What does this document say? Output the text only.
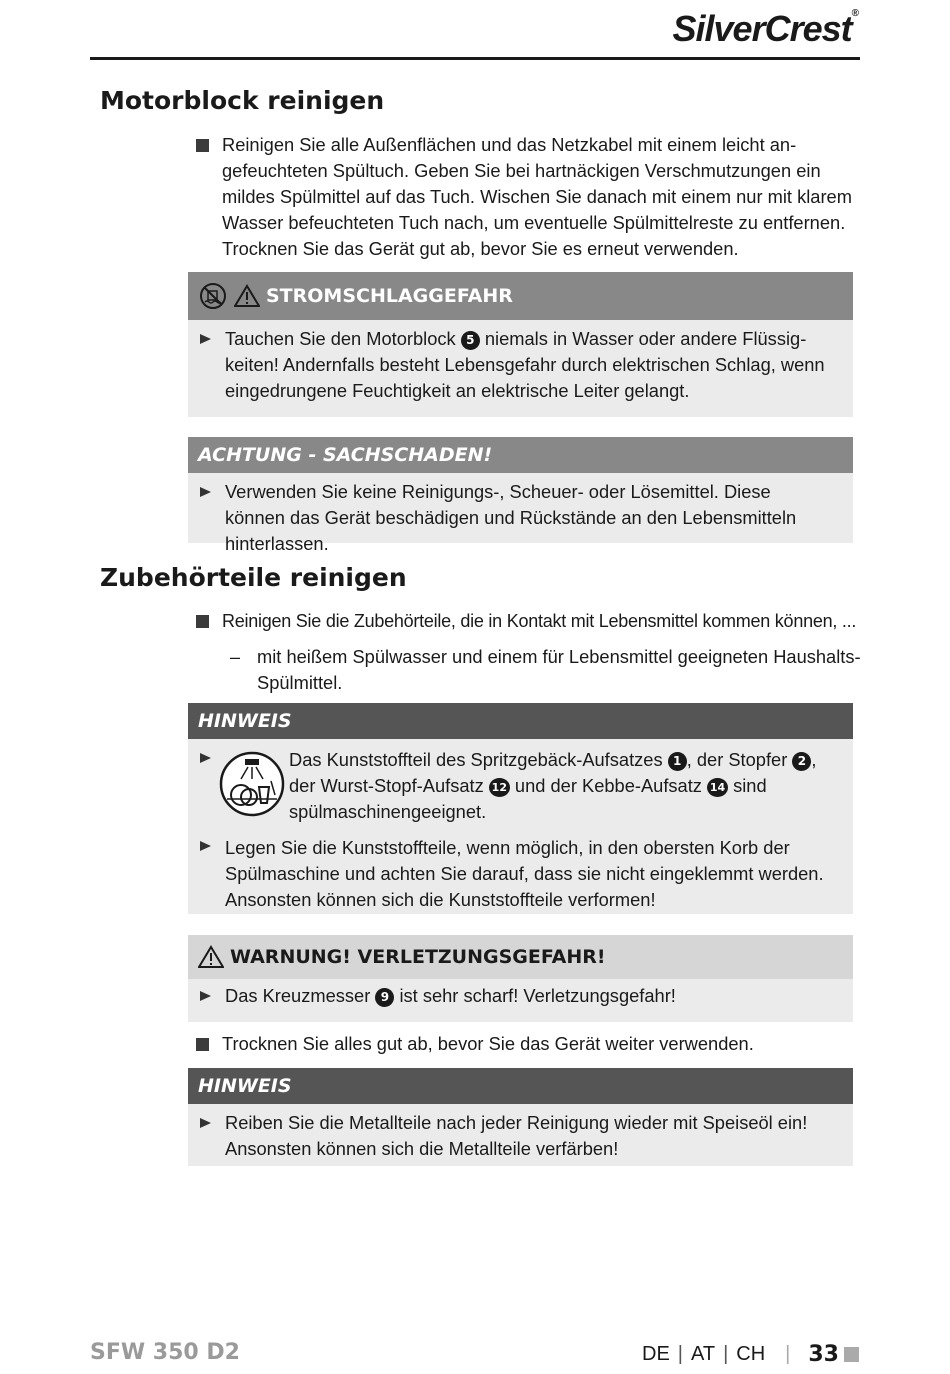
SilverCrest®
Motorblock reinigen

Reinigen Sie alle Außenflächen und das Netzkabel mit einem leicht an-gefeuchteten Spültuch. Geben Sie bei hartnäckigen Verschmutzungen ein mildes Spülmittel auf das Tuch. Wischen Sie danach mit einem nur mit klarem Wasser befeuchteten Tuch nach, um eventuelle Spülmittelreste zu entfernen. Trocknen Sie das Gerät gut ab, bevor Sie es erneut verwenden.

STROMSCHLAGGEFAHR
Tauchen Sie den Motorblock 5 niemals in Wasser oder andere Flüssig-keiten! Andernfalls besteht Lebensgefahr durch elektrischen Schlag, wenn eingedrungene Feuchtigkeit an elektrische Leiter gelangt.
ACHTUNG - SACHSCHADEN!
Verwenden Sie keine Reinigungs-, Scheuer- oder Lösemittel. Diese können das Gerät beschädigen und Rückstände an den Lebensmitteln hinterlassen.
Zubehörteile reinigen

Reinigen Sie die Zubehörteile, die in Kontakt mit Lebensmittel kommen können, ...

– mit heißem Spülwasser und einem für Lebensmittel geeigneten Haushalts-Spülmittel.

HINWEIS
Das Kunststoffteil des Spritzgebäck-Aufsatzes 1 , der Stopfer 2 , der Wurst-Stopf-Aufsatz 12 und der Kebbe-Aufsatz 14 sind spülmaschinengeeignet.
Legen Sie die Kunststoffteile, wenn möglich, in den obersten Korb der Spülmaschine und achten Sie darauf, dass sie nicht eingeklemmt werden. Ansonsten können sich die Kunststoffteile verformen!
WARNUNG! VERLETZUNGSGEFAHR!
Das Kreuzmesser 9 ist sehr scharf! Verletzungsgefahr!

Trocknen Sie alles gut ab, bevor Sie das Gerät weiter verwenden.

HINWEIS
Reiben Sie die Metallteile nach jeder Reinigung wieder mit Speiseöl ein! Ansonsten können sich die Metallteile verfärben!
SFW 350 D2	DE | AT | CH | 33
